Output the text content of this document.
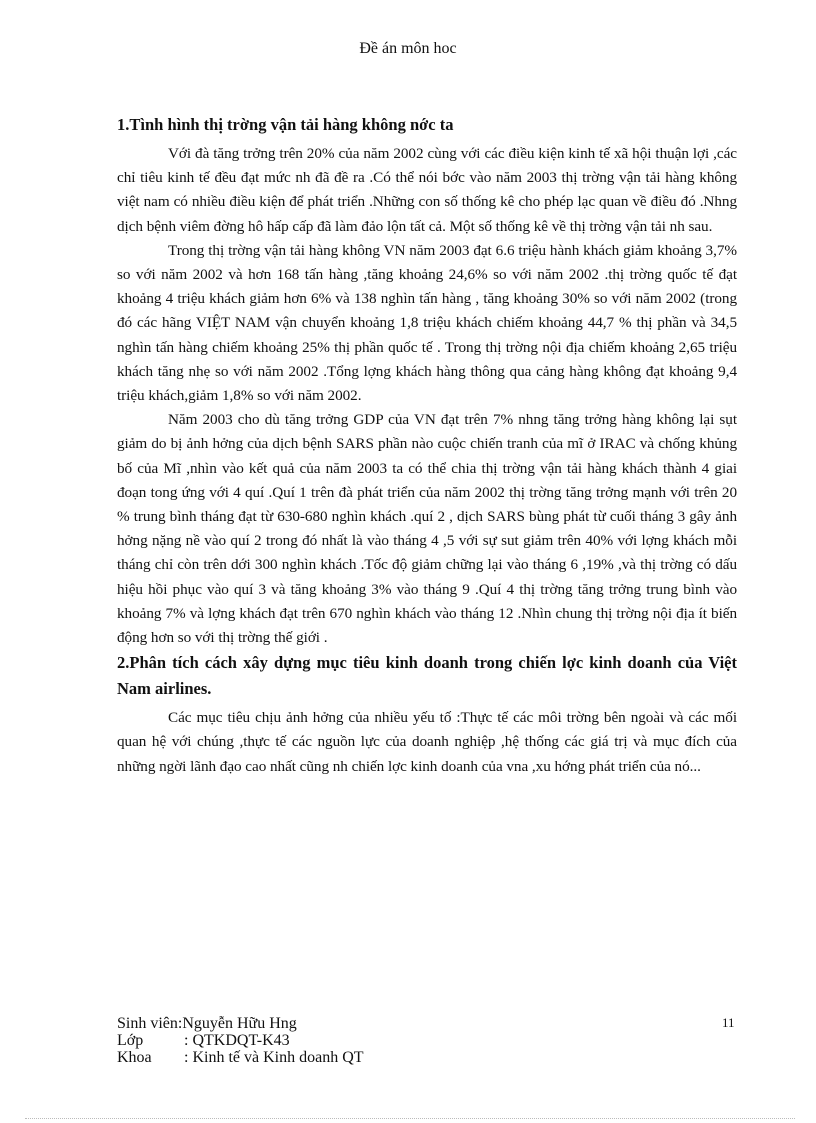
Đề án môn hoc
1.Tình hình thị trờng vận tải hàng không nớc ta

Với đà tăng trởng trên 20% của năm 2002 cùng với các điều kiện kinh tế xã hội thuận lợi ,các chỉ tiêu kinh tế đều đạt mức nh đã đề ra .Có thể nói bớc vào năm 2003 thị trờng vận tải hàng không việt nam có nhiều điều kiện để phát triển .Những con số thống kê cho phép lạc quan về điều đó .Nhng dịch bệnh viêm đờng hô hấp cấp đã làm đảo lộn tất cả. Một số thống kê về thị trờng vận tải nh sau.

Trong thị trờng vận tải hàng không VN năm 2003 đạt 6.6 triệu hành khách giảm khoảng 3,7% so với năm 2002 và hơn 168 tấn hàng ,tăng khoảng 24,6% so với năm 2002 .thị trờng quốc tế đạt khoảng 4 triệu khách giảm hơn 6% và 138 nghìn tấn hàng , tăng khoảng 30% so với năm 2002 (trong đó các hãng VIỆT NAM vận chuyển khoảng 1,8 triệu khách chiếm khoảng 44,7 % thị phần và 34,5 nghìn tấn hàng chiếm khoảng 25% thị phần quốc tế . Trong thị trờng nội địa chiếm khoảng 2,65 triệu khách tăng nhẹ so với năm 2002 .Tổng lợng khách hàng thông qua cảng hàng không đạt khoảng 9,4 triệu khách,giảm 1,8% so với năm 2002.

Năm 2003 cho dù tăng trởng GDP của VN đạt trên 7% nhng tăng trởng hàng không lại sụt giảm do bị ảnh hởng của dịch bệnh SARS phần nào cuộc chiến tranh của mĩ ở IRAC và chống khủng bố của Mĩ ,nhìn vào kết quả của năm 2003 ta có thể chia thị trờng vận tải hàng khách thành 4 giai đoạn tong ứng với 4 quí .Quí 1 trên đà phát triển của năm 2002 thị trờng tăng trởng mạnh với trên 20 % trung bình tháng đạt từ 630-680 nghìn khách .quí 2 , dịch SARS bùng phát từ cuối tháng 3 gây ảnh hởng nặng nề vào quí 2 trong đó nhất là vào tháng 4 ,5 với sự sut giảm trên 40% với lợng khách mỗi tháng chỉ còn trên dới 300 nghìn khách .Tốc độ giảm chững lại vào tháng 6 ,19% ,và thị trờng có dấu hiệu hồi phục vào quí 3 và tăng khoảng 3% vào tháng 9 .Quí 4 thị trờng tăng trởng trung bình vào khoảng 7% và lợng khách đạt trên 670 nghìn khách vào tháng 12 .Nhìn chung thị trờng nội địa ít biến động hơn so với thị trờng thế giới .

2.Phân tích cách xây dựng mục tiêu kinh doanh trong chiến lợc kinh doanh của Việt Nam airlines.

Các mục tiêu chịu ảnh hởng của nhiều yếu tố :Thực tế các môi trờng bên ngoài và các mối quan hệ với chúng ,thực tế các nguồn lực của doanh nghiệp ,hệ thống các giá trị và mục đích của những ngời lãnh đạo cao nhất cũng nh chiến lợc kinh doanh của vna ,xu hớng phát triển của nó...

Sinh viên: Nguyễn Hữu Hng
Lớp	: QTKDQT-K43
Khoa	: Kinh tế và Kinh doanh QT
11
